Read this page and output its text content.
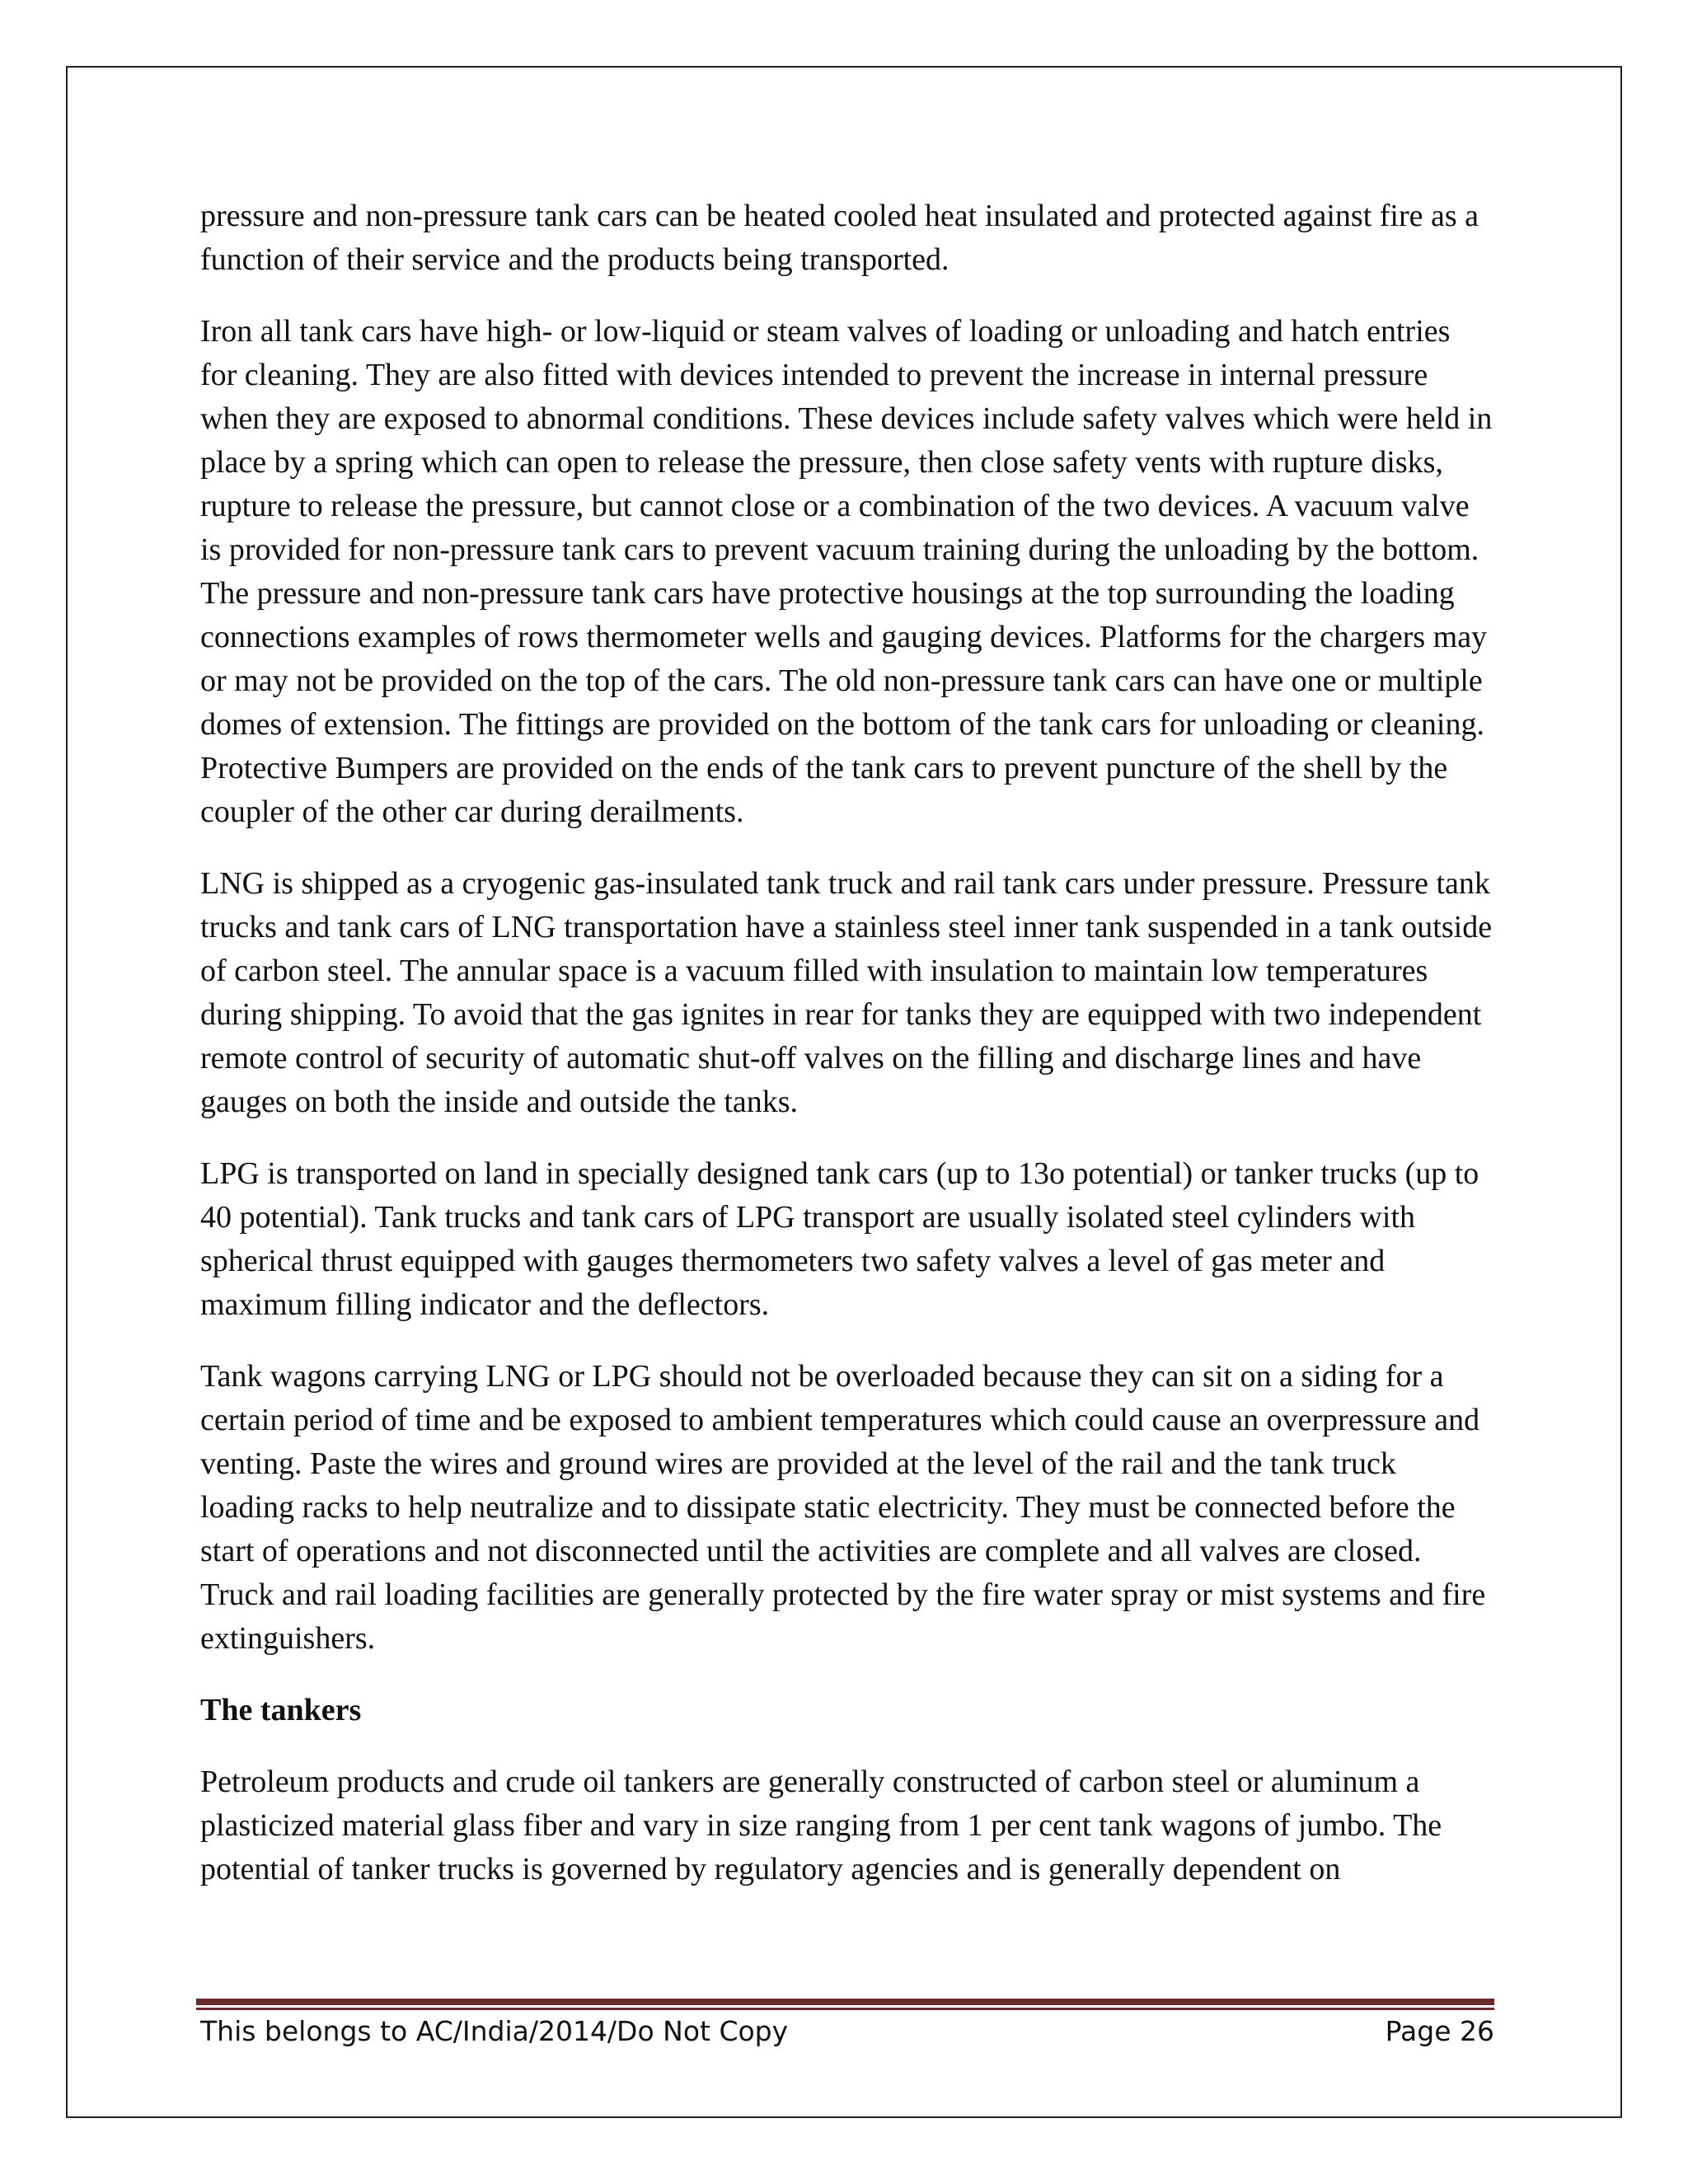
pressure and non-pressure tank cars can be heated cooled heat insulated and protected against fire as a function of their service and the products being transported.

Iron all tank cars have high- or low-liquid or steam valves of loading or unloading and hatch entries for cleaning. They are also fitted with devices intended to prevent the increase in internal pressure when they are exposed to abnormal conditions. These devices include safety valves which were held in place by a spring which can open to release the pressure, then close safety vents with rupture disks, rupture to release the pressure, but cannot close or a combination of the two devices. A vacuum valve is provided for non-pressure tank cars to prevent vacuum training during the unloading by the bottom. The pressure and non-pressure tank cars have protective housings at the top surrounding the loading connections examples of rows thermometer wells and gauging devices. Platforms for the chargers may or may not be provided on the top of the cars. The old non-pressure tank cars can have one or multiple domes of extension. The fittings are provided on the bottom of the tank cars for unloading or cleaning. Protective Bumpers are provided on the ends of the tank cars to prevent puncture of the shell by the coupler of the other car during derailments.

LNG is shipped as a cryogenic gas-insulated tank truck and rail tank cars under pressure. Pressure tank trucks and tank cars of LNG transportation have a stainless steel inner tank suspended in a tank outside of carbon steel. The annular space is a vacuum filled with insulation to maintain low temperatures during shipping. To avoid that the gas ignites in rear for tanks they are equipped with two independent remote control of security of automatic shut-off valves on the filling and discharge lines and have gauges on both the inside and outside the tanks.

LPG is transported on land in specially designed tank cars (up to 13o potential) or tanker trucks (up to 40 potential). Tank trucks and tank cars of LPG transport are usually isolated steel cylinders with spherical thrust equipped with gauges thermometers two safety valves a level of gas meter and maximum filling indicator and the deflectors.

Tank wagons carrying LNG or LPG should not be overloaded because they can sit on a siding for a certain period of time and be exposed to ambient temperatures which could cause an overpressure and venting. Paste the wires and ground wires are provided at the level of the rail and the tank truck loading racks to help neutralize and to dissipate static electricity. They must be connected before the start of operations and not disconnected until the activities are complete and all valves are closed. Truck and rail loading facilities are generally protected by the fire water spray or mist systems and fire extinguishers.

The tankers

Petroleum products and crude oil tankers are generally constructed of carbon steel or aluminum a plasticized material glass fiber and vary in size ranging from 1 per cent tank wagons of jumbo. The potential of tanker trucks is governed by regulatory agencies and is generally dependent on

This belongs to AC/India/2014/Do Not Copy	Page 26
